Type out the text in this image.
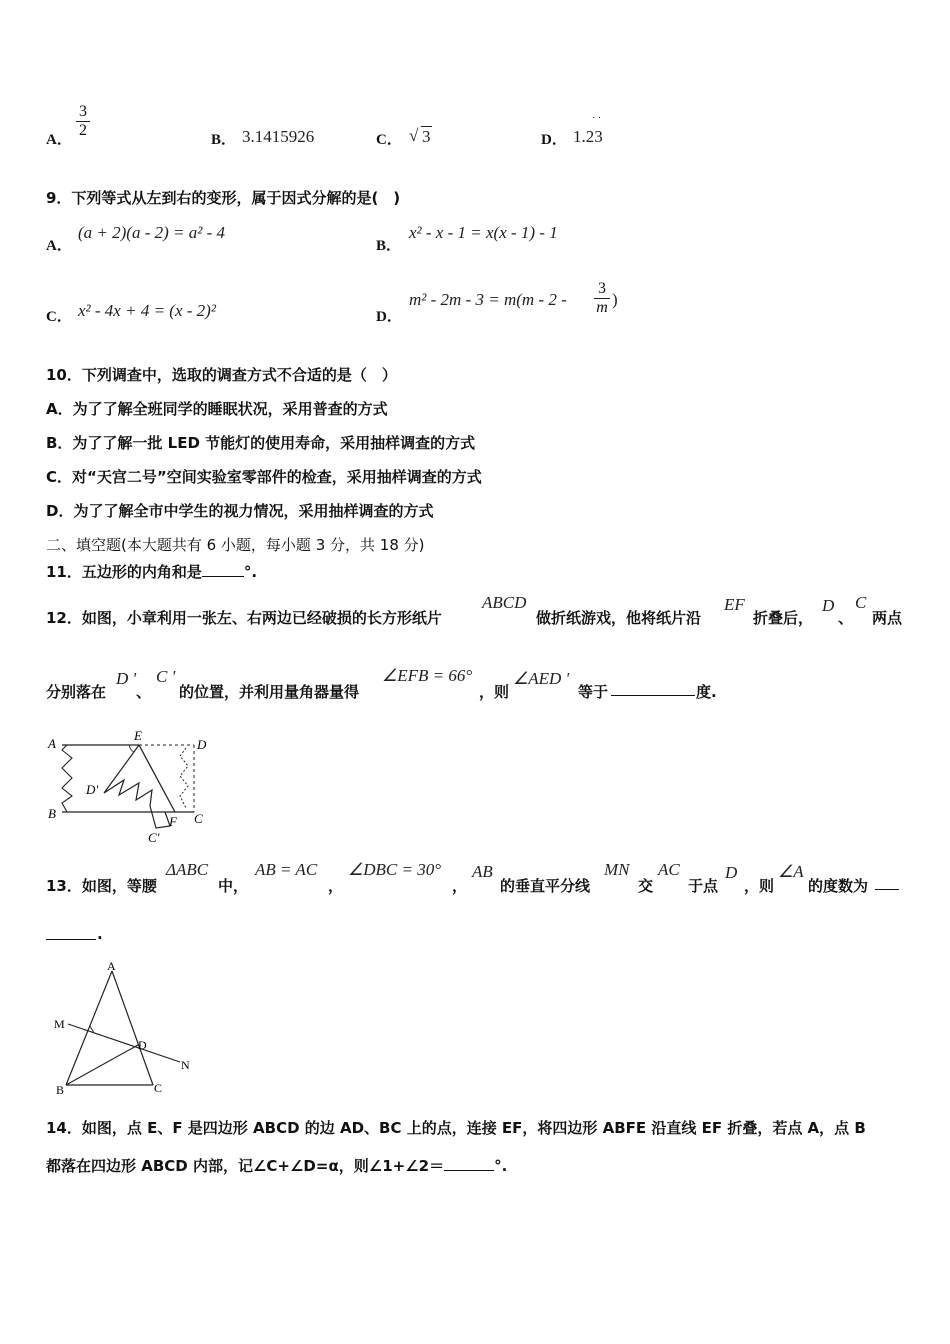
A． $\frac{3}{2}$	B． 3.1415926	C． √ 3	D．
· ·
1.23
9．下列等式从左到右的变形，属于因式分解的是(　)
A．
(a + 2)(a - 2) = a² - 4
B．
x² - x - 1 = x(x - 1) - 1
C． x² - 4x + 4 = (x - 2)²	D．
$m^2 - 2m - 3 = m(m - 2 - \frac{3}{m}$ )
10．下列调查中，选取的调查方式不合适的是（　）
A．为了了解全班同学的睡眠状况，采用普查的方式
B．为了了解一批 LED 节能灯的使用寿命，采用抽样调查的方式
C．对“天宫二号”空间实验室零部件的检查，采用抽样调查的方式
D．为了了解全市中学生的视力情况，采用抽样调查的方式
二、填空题(本大题共有 6 小题，每小题 3 分，共 18 分)
11．五边形的内角和是	°.
12．如图，小章利用一张左、右两边已经破损的长方形纸片
ABCD
做折纸游戏，他将纸片沿
EF
折叠后，
D
、
C
两点
分别落在
D '
、
C '
的位置，并利用量角器量得
∠EFB = 66°
，则
∠AED '
等于	度.
A
E
D
D'
B
F C
C'
13．如图，等腰
ΔABC
中，
AB = AC
，
∠DBC = 30°
，
AB
的垂直平分线
MN
交
AC
于点
D
，则
∠A
的度数为
.
A
M
D
N
B	C
14．如图，点 E、F 是四边形 ABCD 的边 AD、BC 上的点，连接 EF，将四边形 ABFE 沿直线 EF 折叠，若点 A，点 B
都落在四边形 ABCD 内部，记∠C+∠D=α，则∠1+∠2＝	°.
